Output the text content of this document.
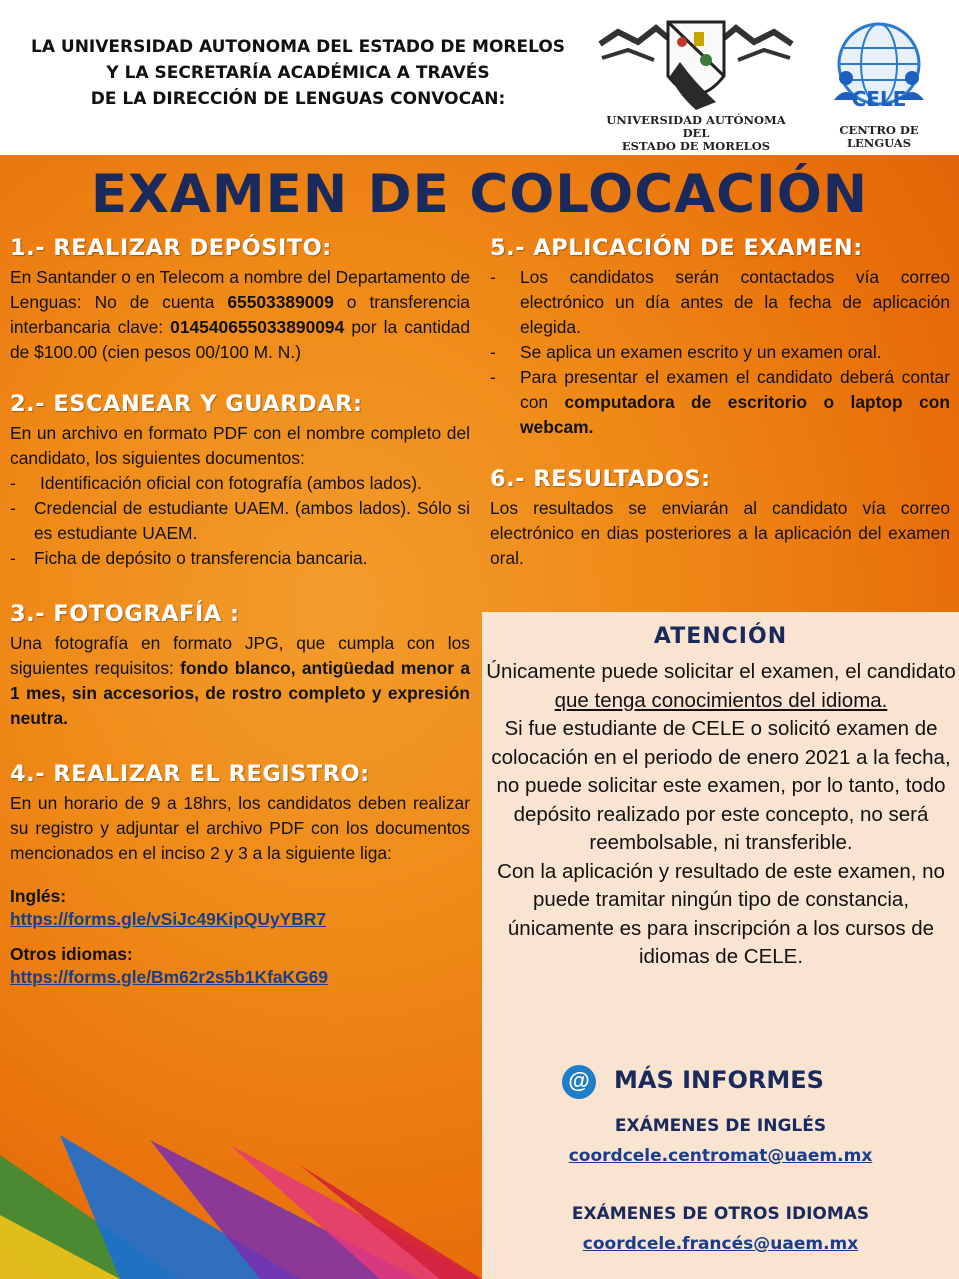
LA UNIVERSIDAD AUTONOMA DEL ESTADO DE MORELOS
Y LA SECRETARÍA ACADÉMICA A TRAVÉS
DE LA DIRECCIÓN DE LENGUAS CONVOCAN:
UNIVERSIDAD AUTÓNOMA DEL
ESTADO DE MORELOS
CELE
CENTRO DE LENGUAS
EXAMEN DE COLOCACIÓN
1.- REALIZAR DEPÓSITO:

En Santander o en Telecom a nombre del Departamento de Lenguas: No de cuenta 65503389009 o transferencia interbancaria clave: 014540655033890094 por la cantidad de $100.00 (cien pesos 00/100 M. N.)

2.- ESCANEAR Y GUARDAR:

En un archivo en formato PDF con el nombre completo del candidato, los siguientes documentos:

- Identificación oficial con fotografía (ambos lados).
- Credencial de estudiante UAEM. (ambos lados). Sólo si es estudiante UAEM.
- Ficha de depósito o transferencia bancaria.
3.- FOTOGRAFÍA :

Una fotografía en formato JPG, que cumpla con los siguientes requisitos: fondo blanco, antigüedad menor a 1 mes, sin accesorios, de rostro completo y expresión neutra.

4.- REALIZAR EL REGISTRO:

En un horario de 9 a 18hrs, los candidatos deben realizar su registro y adjuntar el archivo PDF con los documentos mencionados en el inciso 2 y 3 a la siguiente liga:

Inglés:
https://forms.gle/vSiJc49KipQUyYBR7
Otros idiomas:
https://forms.gle/Bm62r2s5b1KfaKG69
5.- APLICACIÓN DE EXAMEN:
- Los candidatos serán contactados vía correo electrónico un día antes de la fecha de aplicación elegida.
- Se aplica un examen escrito y un examen oral.
- Para presentar el examen el candidato deberá contar con computadora de escritorio o laptop con webcam.
6.- RESULTADOS:

Los resultados se enviarán al candidato vía correo electrónico en dias posteriores a la aplicación del examen oral.

ATENCIÓN
Únicamente puede solicitar el examen, el candidato que tenga conocimientos del idioma.
Si fue estudiante de CELE o solicitó examen de colocación en el periodo de enero 2021 a la fecha, no puede solicitar este examen, por lo tanto, todo depósito realizado por este concepto, no será reembolsable, ni transferible.
Con la aplicación y resultado de este examen, no puede tramitar ningún tipo de constancia, únicamente es para inscripción a los cursos de idiomas de CELE.
@ MÁS INFORMES
EXÁMENES DE INGLÉS
coordcele.centromat@uaem.mx
EXÁMENES DE OTROS IDIOMAS
coordcele.francés@uaem.mx
